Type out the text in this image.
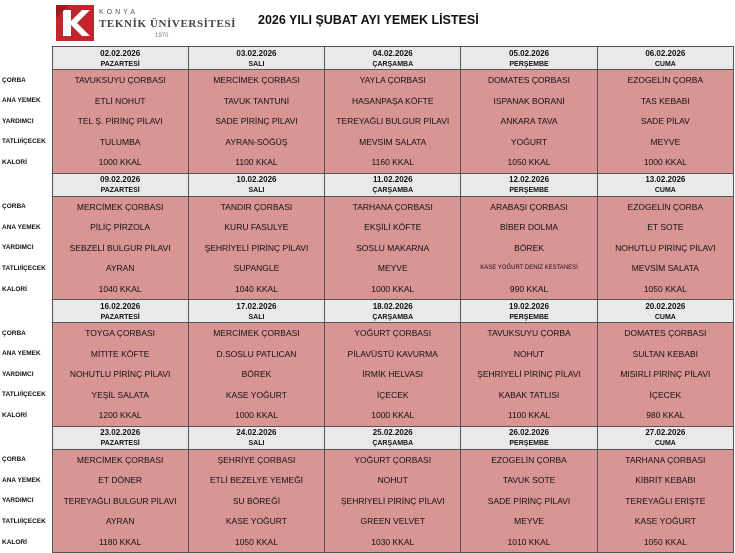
KONYA
TEKNİK ÜNİVERSİTESİ
1970
2026 YILI ŞUBAT AYI YEMEK LİSTESİ
	02.02.2026	03.02.2026	04.02.2026	05.02.2026	06.02.2026
	PAZARTESİ	SALI	ÇARŞAMBA	PERŞEMBE	CUMA
ÇORBA	TAVUKSUYU ÇORBASI	MERCİMEK ÇORBASI	YAYLA ÇORBASI	DOMATES ÇORBASI	EZOGELİN ÇORBA
ANA YEMEK	ETLİ NOHUT	TAVUK TANTUNİ	HASANPAŞA KÖFTE	ISPANAK BORANİ	TAS KEBABI
YARDIMCI	TEL Ş. PİRİNÇ PİLAVI	SADE PİRİNÇ PİLAVI	TEREYAĞLI BULGUR PİLAVI	ANKARA TAVA	SADE PİLAV
TATLI/İÇECEK	TULUMBA	AYRAN-SÖĞÜŞ	MEVSİM SALATA	YOĞURT	MEYVE
KALORİ	1000 KKAL	1100 KKAL	1160 KKAL	1050 KKAL	1000 KKAL
	09.02.2026	10.02.2026	11.02.2026	12.02.2026	13.02.2026
	PAZARTESİ	SALI	ÇARŞAMBA	PERŞEMBE	CUMA
ÇORBA	MERCİMEK ÇORBASI	TANDIR ÇORBASI	TARHANA ÇORBASI	ARABAŞI ÇORBASI	EZOGELİN ÇORBA
ANA YEMEK	PİLİÇ PİRZOLA	KURU FASULYE	EKŞİLİ KÖFTE	BİBER DOLMA	ET SOTE
YARDIMCI	SEBZELİ BULGUR PİLAVI	ŞEHRİYELİ PİRİNÇ PİLAVI	SOSLU MAKARNA	BÖREK	NOHUTLU PİRİNÇ PİLAVI
TATLI/İÇECEK	AYRAN	SUPANGLE	MEYVE	KASE YOĞURT DENİZ KESTANESİ	MEVSİM SALATA
KALORİ	1040 KKAL	1040 KKAL	1000 KKAL	990 KKAL	1050 KKAL
	16.02.2026	17.02.2026	18.02.2026	19.02.2026	20.02.2026
	PAZARTESİ	SALI	ÇARŞAMBA	PERŞEMBE	CUMA
ÇORBA	TOYGA ÇORBASI	MERCİMEK ÇORBASI	YOĞURT ÇORBASI	TAVUKSUYU ÇORBA	DOMATES ÇORBASI
ANA YEMEK	MİTİTE KÖFTE	D.SOSLU PATLICAN	PİLAVÜSTÜ KAVURMA	NOHUT	SULTAN KEBABI
YARDIMCI	NOHUTLU PİRİNÇ PİLAVI	BÖREK	İRMİK HELVASI	ŞEHRİYELİ PİRİNÇ PİLAVI	MISIRLI PİRİNÇ PİLAVI
TATLI/İÇECEK	YEŞİL SALATA	KASE YOĞURT	İÇECEK	KABAK TATLISI	İÇECEK
KALORİ	1200 KKAL	1000 KKAL	1000 KKAL	1100 KKAL	980 KKAL
	23.02.2026	24.02.2026	25.02.2026	26.02.2026	27.02.2026
	PAZARTESİ	SALI	ÇARŞAMBA	PERŞEMBE	CUMA
ÇORBA	MERCİMEK ÇORBASI	ŞEHRİYE ÇORBASI	YOĞURT ÇORBASI	EZOGELİN ÇORBA	TARHANA ÇORBASI
ANA YEMEK	ET DÖNER	ETLİ BEZELYE YEMEĞİ	NOHUT	TAVUK SOTE	KİBRİT KEBABI
YARDIMCI	TEREYAĞLI BULGUR PİLAVI	SU BÖREĞİ	ŞEHRİYELİ PİRİNÇ PİLAVI	SADE PİRİNÇ PİLAVI	TEREYAĞLI ERİŞTE
TATLI/İÇECEK	AYRAN	KASE YOĞURT	GREEN VELVET	MEYVE	KASE YOĞURT
KALORİ	1180 KKAL	1050 KKAL	1030 KKAL	1010 KKAL	1050 KKAL
